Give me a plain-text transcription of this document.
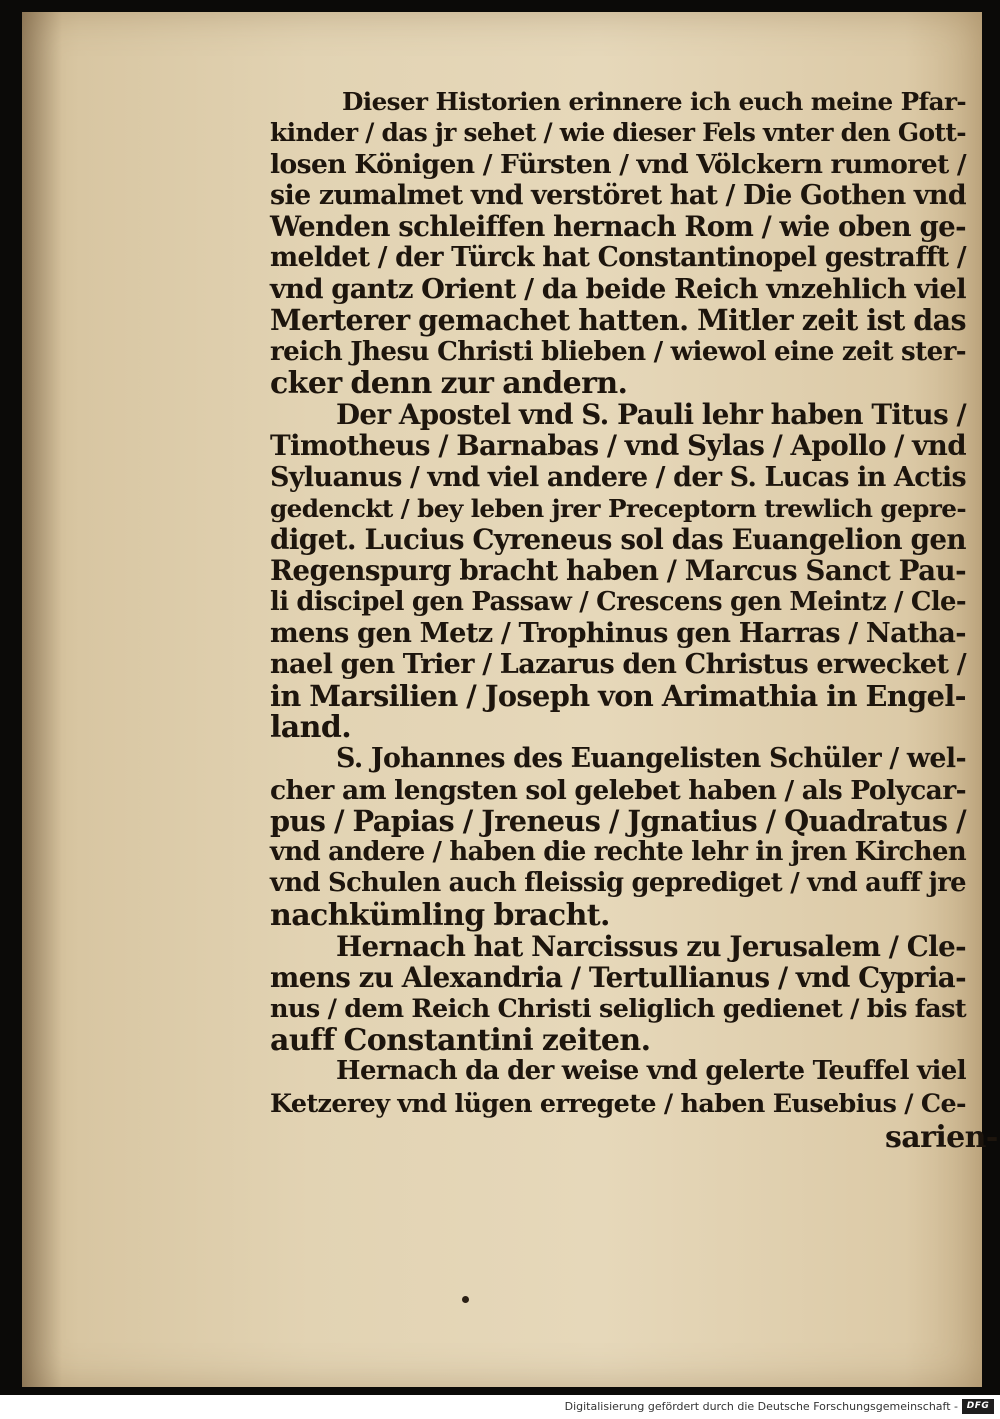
Dieser Historien erinnere ich euch meine Pfar-
kinder / das jr sehet / wie dieser Fels vnter den Gott-
losen Königen / Fürsten / vnd Völckern rumoret /
sie zumalmet vnd verstöret hat / Die Gothen vnd
Wenden schleiffen hernach Rom / wie oben ge-
meldet / der Türck hat Constantinopel gestrafft /
vnd gantz Orient / da beide Reich vnzehlich viel
Merterer gemachet hatten. Mitler zeit ist das
reich Jhesu Christi blieben / wiewol eine zeit ster-
cker denn zur andern.
Der Apostel vnd S. Pauli lehr haben Titus /
Timotheus / Barnabas / vnd Sylas / Apollo / vnd
Syluanus / vnd viel andere / der S. Lucas in Actis
gedenckt / bey leben jrer Preceptorn trewlich gepre-
diget. Lucius Cyreneus sol das Euangelion gen
Regenspurg bracht haben / Marcus Sanct Pau-
li discipel gen Passaw / Crescens gen Meintz / Cle-
mens gen Metz / Trophinus gen Harras / Natha-
nael gen Trier / Lazarus den Christus erwecket /
in Marsilien / Joseph von Arimathia in Engel-
land.
S. Johannes des Euangelisten Schüler / wel-
cher am lengsten sol gelebet haben / als Polycar-
pus / Papias / Jreneus / Jgnatius / Quadratus /
vnd andere / haben die rechte lehr in jren Kirchen
vnd Schulen auch fleissig geprediget / vnd auff jre
nachkümling bracht.
Hernach hat Narcissus zu Jerusalem / Cle-
mens zu Alexandria / Tertullianus / vnd Cypria-
nus / dem Reich Christi seliglich gedienet / bis fast
auff Constantini zeiten.
Hernach da der weise vnd gelerte Teuffel viel
Ketzerey vnd lügen erregete / haben Eusebius / Ce-
sarien-
Digitalisierung gefördert durch die Deutsche Forschungsgemeinschaft - DFG
